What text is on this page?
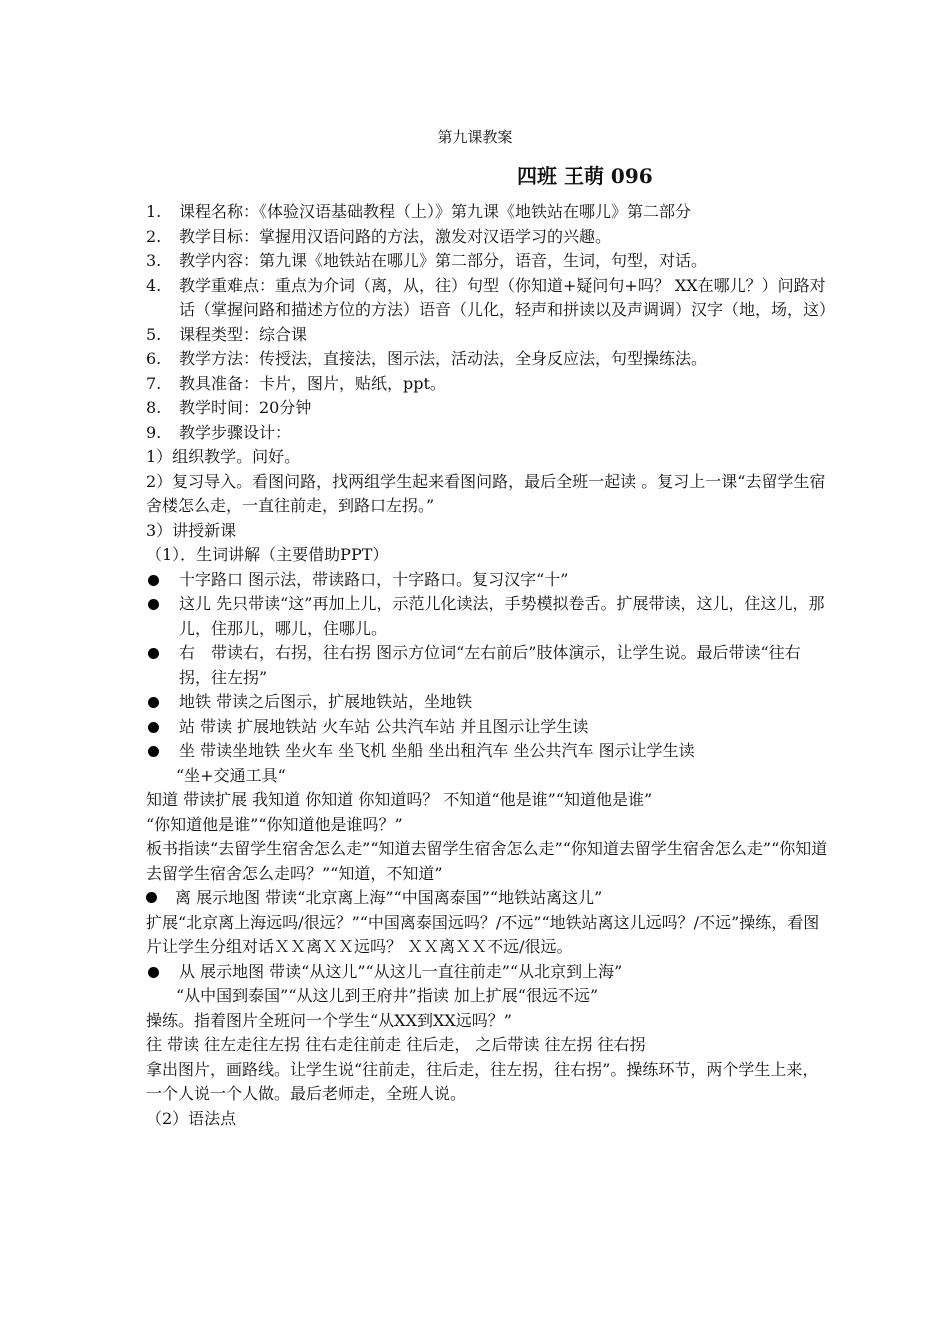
第九课教案
四班 王萌 096
1. 课程名称：《体验汉语基础教程（上）》第九课《地铁站在哪儿》第二部分
2. 教学目标：掌握用汉语问路的方法，激发对汉语学习的兴趣。
3. 教学内容：第九课《地铁站在哪儿》第二部分，语音，生词，句型，对话。
4. 教学重难点：重点为介词（离，从，往）句型（你知道+疑问句+吗？ XX在哪儿？）问路对话（掌握问路和描述方位的方法）语音（儿化，轻声和拼读以及声调调）汉字（地，场，这）
5. 课程类型：综合课
6. 教学方法：传授法，直接法，图示法，活动法，全身反应法，句型操练法。
7. 教具准备：卡片，图片，贴纸，ppt。
8. 教学时间：20分钟
9. 教学步骤设计：
1）组织教学。问好。
2）复习导入。看图问路，找两组学生起来看图问路，最后全班一起读 。复习上一课“去留学生宿舍楼怎么走，一直往前走，到路口左拐。”
3）讲授新课
（1）．生词讲解（主要借助PPT）
十字路口 图示法，带读路口，十字路口。复习汉字“十”
这儿 先只带读“这”再加上儿，示范儿化读法，手势模拟卷舌。扩展带读，这儿，住这儿，那儿，住那儿，哪儿，住哪儿。
右　带读右，右拐，往右拐 图示方位词“左右前后”肢体演示，让学生说。最后带读“往右拐，往左拐”
地铁 带读之后图示，扩展地铁站，坐地铁
站 带读 扩展地铁站 火车站 公共汽车站 并且图示让学生读
坐 带读坐地铁 坐火车 坐飞机 坐船 坐出租汽车 坐公共汽车 图示让学生读
“坐+交通工具“
知道 带读扩展 我知道 你知道 你知道吗？ 不知道“他是谁”“知道他是谁”
“你知道他是谁”“你知道他是谁吗？”
板书指读“去留学生宿舍怎么走”“知道去留学生宿舍怎么走”“你知道去留学生宿舍怎么走”“你知道去留学生宿舍怎么走吗？”“知道，不知道”
离 展示地图 带读“北京离上海”“中国离泰国”“地铁站离这儿”
扩展“北京离上海远吗/很远？”“中国离泰国远吗？/不远”“地铁站离这儿远吗？/不远”操练，看图片让学生分组对话ＸＸ离ＸＸ远吗？ ＸＸ离ＸＸ不远/很远。
从 展示地图 带读“从这儿”“从这儿一直往前走”“从北京到上海”
“从中国到泰国”“从这儿到王府井”指读 加上扩展“很远不远”
操练。指着图片全班问一个学生“从XX到XX远吗？”
往 带读 往左走往左拐 往右走往前走 往后走， 之后带读 往左拐 往右拐
拿出图片，画路线。让学生说“往前走，往后走，往左拐，往右拐”。操练环节，两个学生上来，一个人说一个人做。最后老师走，全班人说。
（2）语法点
